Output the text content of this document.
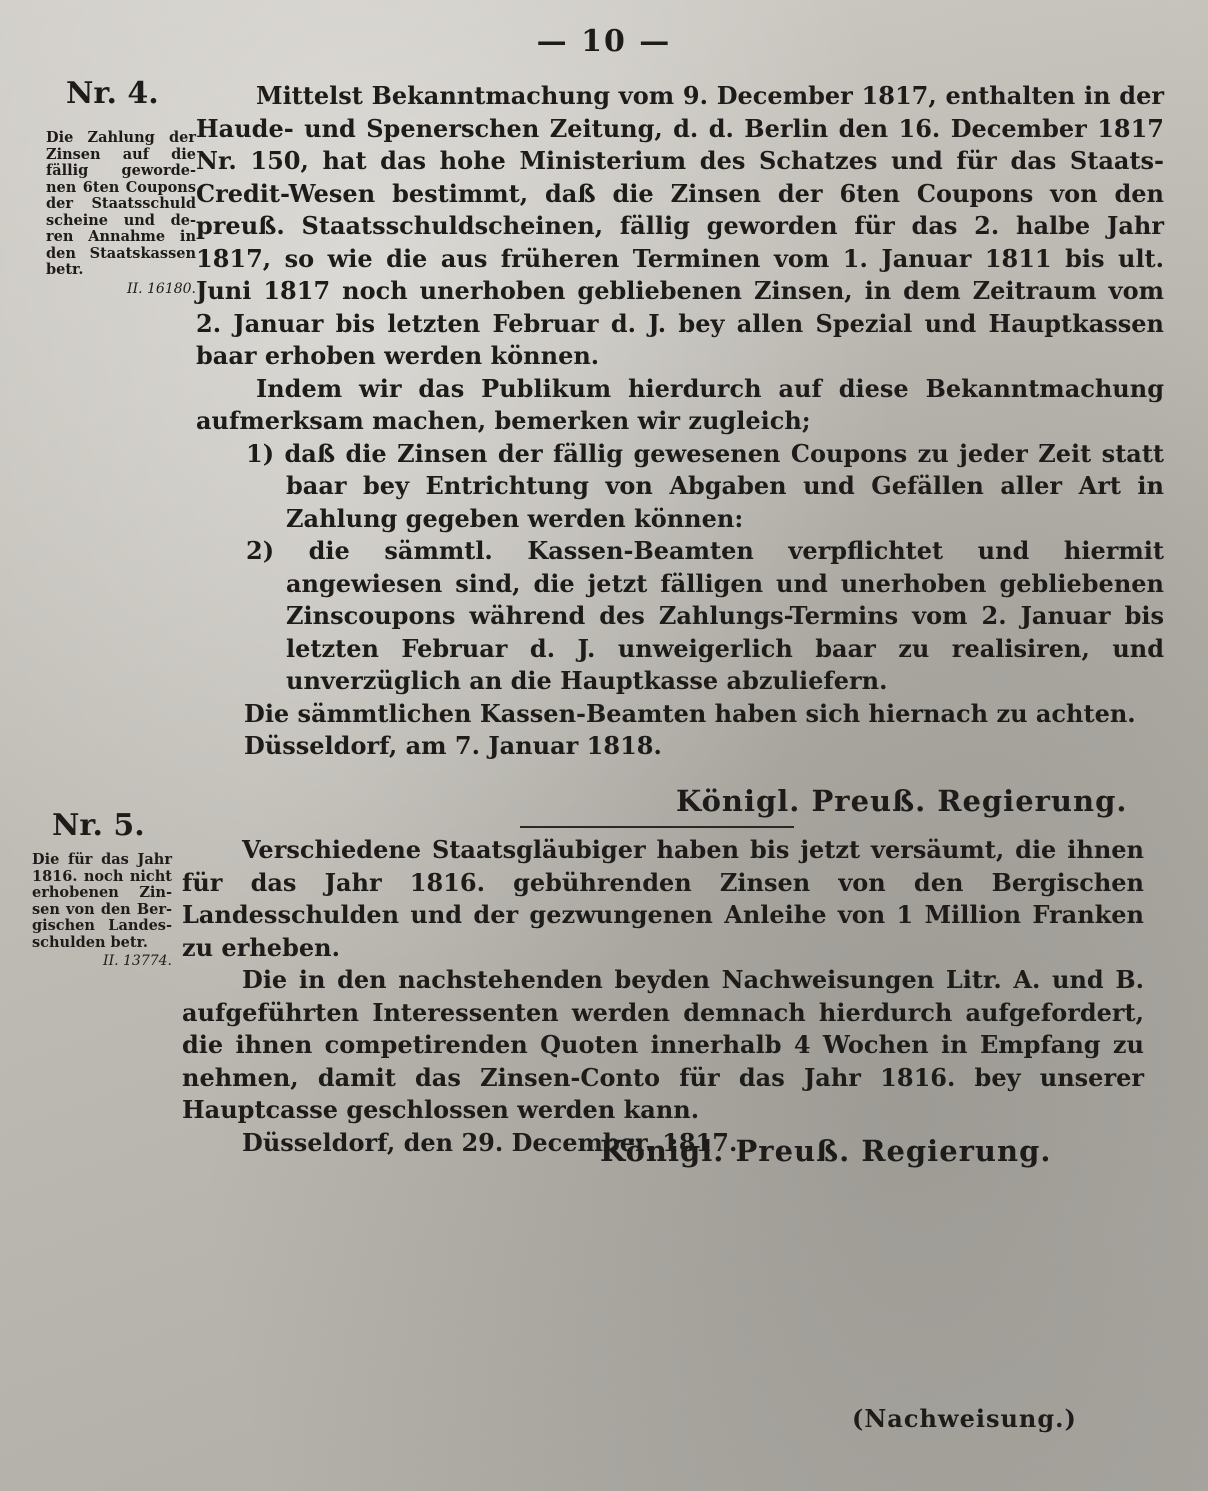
— 10 —
Nr. 4.
Die Zahlung der Zinsen auf die fällig geworde-nen 6ten Coupons der Staatsschuld scheine und de-ren Annahme in den Staatskassen betr.
II. 16180.

Mittelst Bekanntmachung vom 9. December 1817, enthalten in der Haude- und Spenerschen Zeitung, d. d. Berlin den 16. December 1817 Nr. 150, hat das hohe Ministerium des Schatzes und für das Staats-Credit-Wesen bestimmt, daß die Zinsen der 6ten Coupons von den preuß. Staatsschuldscheinen, fällig geworden für das 2. halbe Jahr 1817, so wie die aus früheren Terminen vom 1. Januar 1811 bis ult. Juni 1817 noch unerhoben gebliebenen Zinsen, in dem Zeitraum vom 2. Januar bis letzten Februar d. J. bey allen Spezial und Hauptkassen baar erhoben werden können.

Indem wir das Publikum hierdurch auf diese Bekanntmachung aufmerksam machen, bemerken wir zugleich;

1) daß die Zinsen der fällig gewesenen Coupons zu jeder Zeit statt baar bey Entrichtung von Abgaben und Gefällen aller Art in Zahlung gegeben werden können:

2) die sämmtl. Kassen-Beamten verpflichtet und hiermit angewiesen sind, die jetzt fälligen und unerhoben gebliebenen Zinscoupons während des Zahlungs-Termins vom 2. Januar bis letzten Februar d. J. unweigerlich baar zu realisiren, und unverzüglich an die Hauptkasse abzuliefern.

Die sämmtlichen Kassen-Beamten haben sich hiernach zu achten.

Düsseldorf, am 7. Januar 1818.

Königl. Preuß. Regierung.
Nr. 5.
Die für das Jahr 1816. noch nicht erhobenen Zin-sen von den Ber-gischen Landes-schulden betr.
II. 13774.

Verschiedene Staatsgläubiger haben bis jetzt versäumt, die ihnen für das Jahr 1816. gebührenden Zinsen von den Bergischen Landesschulden und der gezwungenen Anleihe von 1 Million Franken zu erheben.

Die in den nachstehenden beyden Nachweisungen Litr. A. und B. aufgeführten Interessenten werden demnach hierdurch aufgefordert, die ihnen competirenden Quoten innerhalb 4 Wochen in Empfang zu nehmen, damit das Zinsen-Conto für das Jahr 1816. bey unserer Hauptcasse geschlossen werden kann.

Düsseldorf, den 29. December. 1817.

Königl. Preuß. Regierung.
(Nachweisung.)
